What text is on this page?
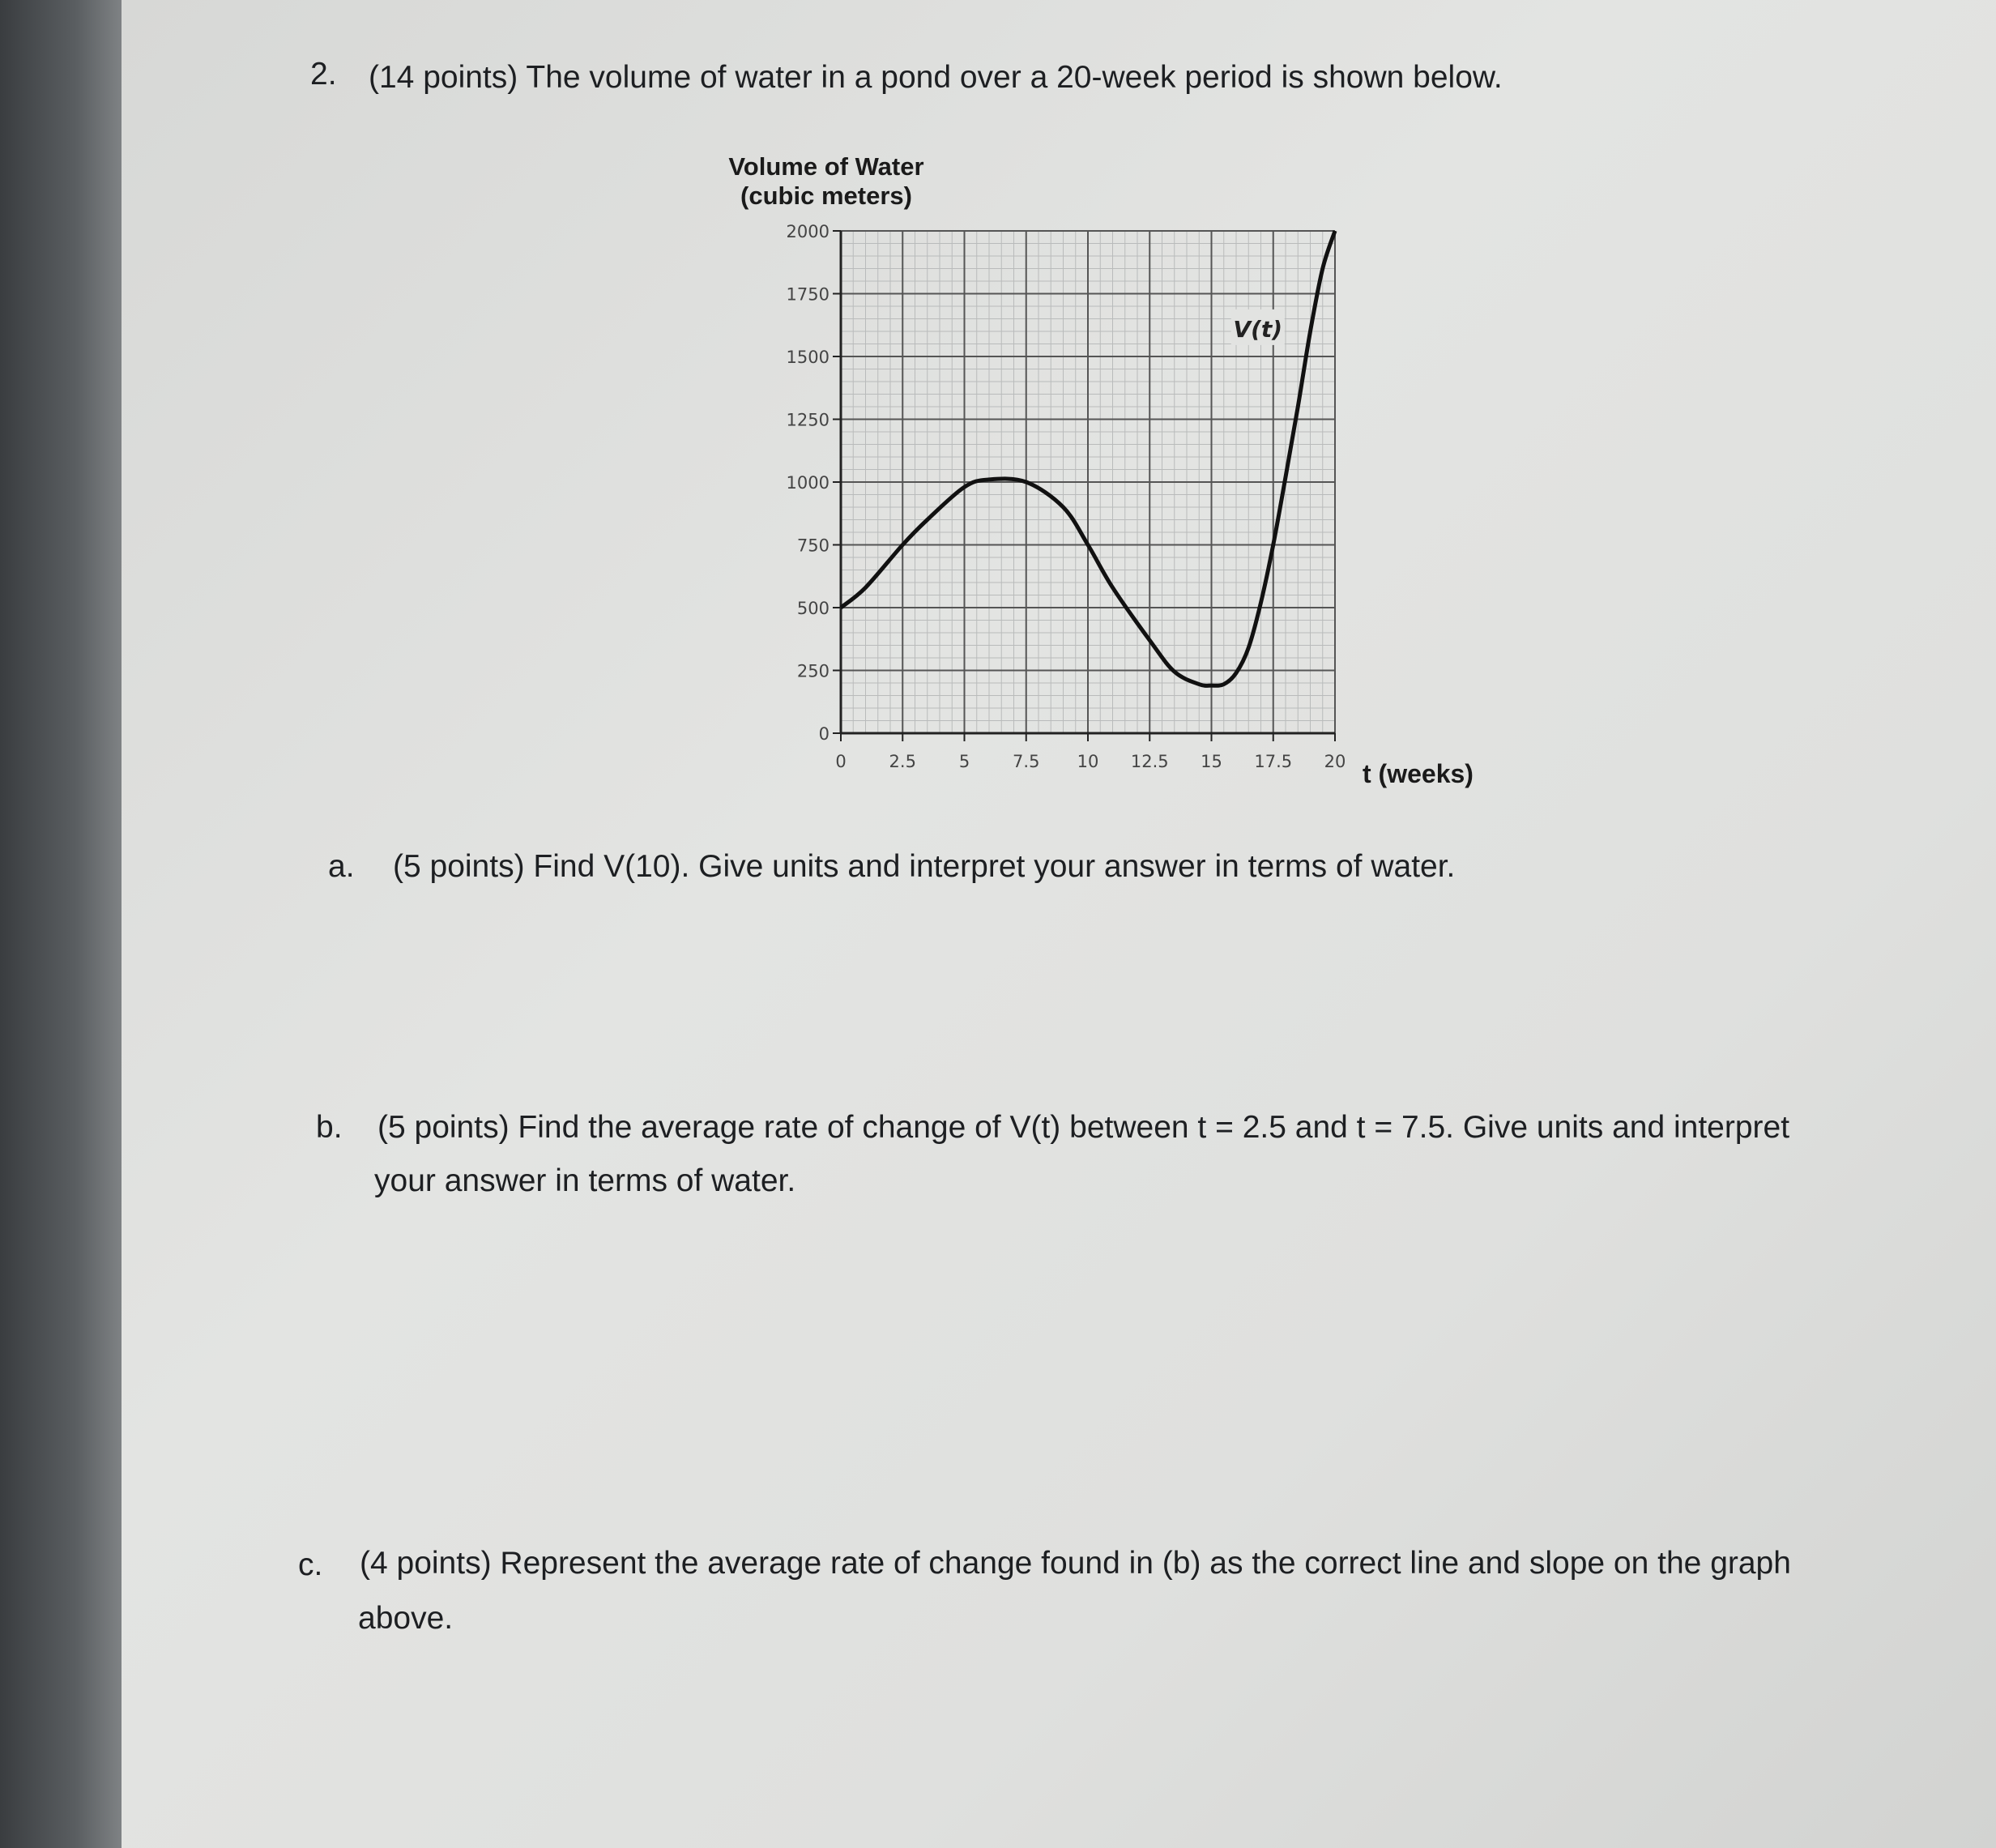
2. (14 points) The volume of water in a pond over a 20-week period is shown below.
Volume of Water
(cubic meters)
0
250
500
750
1000
1250
1500
1750
2000
0	2.5	5	7.5 10 12.5 15 17.5 20
V(t)
t (weeks)
a. (5 points) Find V(10). Give units and interpret your answer in terms of water.
b. (5 points) Find the average rate of change of V(t) between t = 2.5 and t = 7.5. Give units and interpret
your answer in terms of water.
c. (4 points) Represent the average rate of change found in (b) as the correct line and slope on the graph
above.
